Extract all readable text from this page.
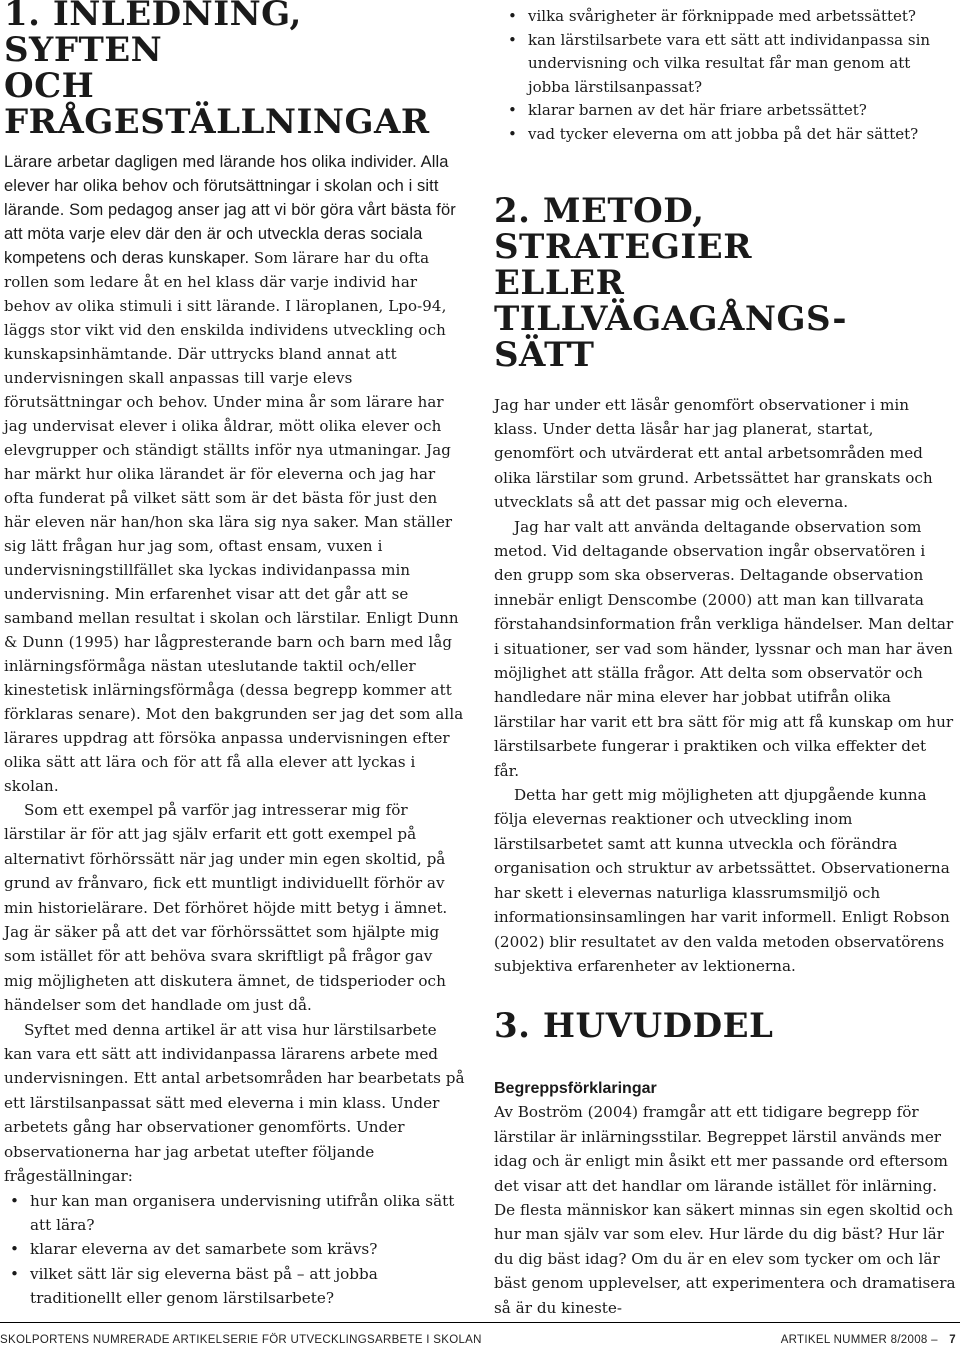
1. INLEDNING, SYFTEN
OCH FRÅGESTÄLLNINGAR
Lärare arbetar dagligen med lärande hos olika individer. Alla elever har olika behov och förutsättningar i skolan och i sitt lärande. Som pedagog anser jag att vi bör göra vårt bästa för att möta varje elev där den är och utveckla deras sociala kompetens och deras kunskaper. Som lärare har du ofta rollen som ledare åt en hel klass där varje individ har behov av olika stimuli i sitt lärande. I läroplanen, Lpo-94, läggs stor vikt vid den enskilda individens utveckling och kunskapsinhämtande. Där uttrycks bland annat att undervisningen skall anpassas till varje elevs förutsättningar och behov. Under mina år som lärare har jag undervisat elever i olika åldrar, mött olika elever och elevgrupper och ständigt ställts inför nya utmaningar. Jag har märkt hur olika lärandet är för eleverna och jag har ofta funderat på vilket sätt som är det bästa för just den här eleven när han/hon ska lära sig nya saker. Man ställer sig lätt frågan hur jag som, oftast ensam, vuxen i undervisningstillfället ska lyckas individanpassa min undervisning. Min erfarenhet visar att det går att se samband mellan resultat i skolan och lärstilar. Enligt Dunn & Dunn (1995) har lågpresterande barn och barn med låg inlärningsförmåga nästan uteslutande taktil och/eller kinestetisk inlärningsförmåga (dessa begrepp kommer att förklaras senare). Mot den bakgrunden ser jag det som alla lärares uppdrag att försöka anpassa undervisningen efter olika sätt att lära och för att få alla elever att lyckas i skolan.

Som ett exempel på varför jag intresserar mig för lärstilar är för att jag själv erfarit ett gott exempel på alternativt förhörssätt när jag under min egen skoltid, på grund av frånvaro, fick ett muntligt individuellt förhör av min historielärare. Det förhöret höjde mitt betyg i ämnet. Jag är säker på att det var förhörssättet som hjälpte mig som istället för att behöva svara skriftligt på frågor gav mig möjligheten att diskutera ämnet, de tidsperioder och händelser som det handlade om just då.

Syftet med denna artikel är att visa hur lärstilsarbete kan vara ett sätt att individanpassa lärarens arbete med undervisningen. Ett antal arbetsområden har bearbetats på ett lärstilsanpassat sätt med eleverna i min klass. Under arbetets gång har observationer genomförts. Under observationerna har jag arbetat utefter följande frågeställningar:

• hur kan man organisera undervisning utifrån olika sätt att lära?
• klarar eleverna av det samarbete som krävs?
• vilket sätt lär sig eleverna bäst på – att jobba traditionellt eller genom lärstilsarbete?
• vilka svårigheter är förknippade med arbetssättet?
• kan lärstilsarbete vara ett sätt att individanpassa sin undervisning och vilka resultat får man genom att jobba lärstilsanpassat?
• klarar barnen av det här friare arbetssättet?
• vad tycker eleverna om att jobba på det här sättet?
2. METOD, STRATEGIER
ELLER TILLVÄGAGÅNGS-
SÄTT

Jag har under ett läsår genomfört observationer i min klass. Under detta läsår har jag planerat, startat, genomfört och utvärderat ett antal arbetsområden med olika lärstilar som grund. Arbetssättet har granskats och utvecklats så att det passar mig och eleverna.

Jag har valt att använda deltagande observation som metod. Vid deltagande observation ingår observatören i den grupp som ska observeras. Deltagande observation innebär enligt Denscombe (2000) att man kan tillvarata förstahandsinformation från verkliga händelser. Man deltar i situationer, ser vad som händer, lyssnar och man har även möjlighet att ställa frågor. Att delta som observatör och handledare när mina elever har jobbat utifrån olika lärstilar har varit ett bra sätt för mig att få kunskap om hur lärstilsarbete fungerar i praktiken och vilka effekter det får.

Detta har gett mig möjligheten att djupgående kunna följa elevernas reaktioner och utveckling inom lärstilsarbetet samt att kunna utveckla och förändra organisation och struktur av arbetssättet. Observationerna har skett i elevernas naturliga klassrumsmiljö och informationsinsamlingen har varit informell. Enligt Robson (2002) blir resultatet av den valda metoden observatörens subjektiva erfarenheter av lektionerna.

3. HUVUDDEL
Begreppsförklaringar

Av Boström (2004) framgår att ett tidigare begrepp för lärstilar är inlärningsstilar. Begreppet lärstil används mer idag och är enligt min åsikt ett mer passande ord eftersom det visar att det handlar om lärande istället för inlärning. De flesta människor kan säkert minnas sin egen skoltid och hur man själv var som elev. Hur lärde du dig bäst? Hur lär du dig bäst idag? Om du är en elev som tycker om och lär bäst genom upplevelser, att experimentera och dramatisera så är du kineste-

SKOLPORTENS NUMRERADE ARTIKELSERIE FÖR UTVECKLINGSARBETE I SKOLAN	ARTIKEL NUMMER 8/2008 – 7
